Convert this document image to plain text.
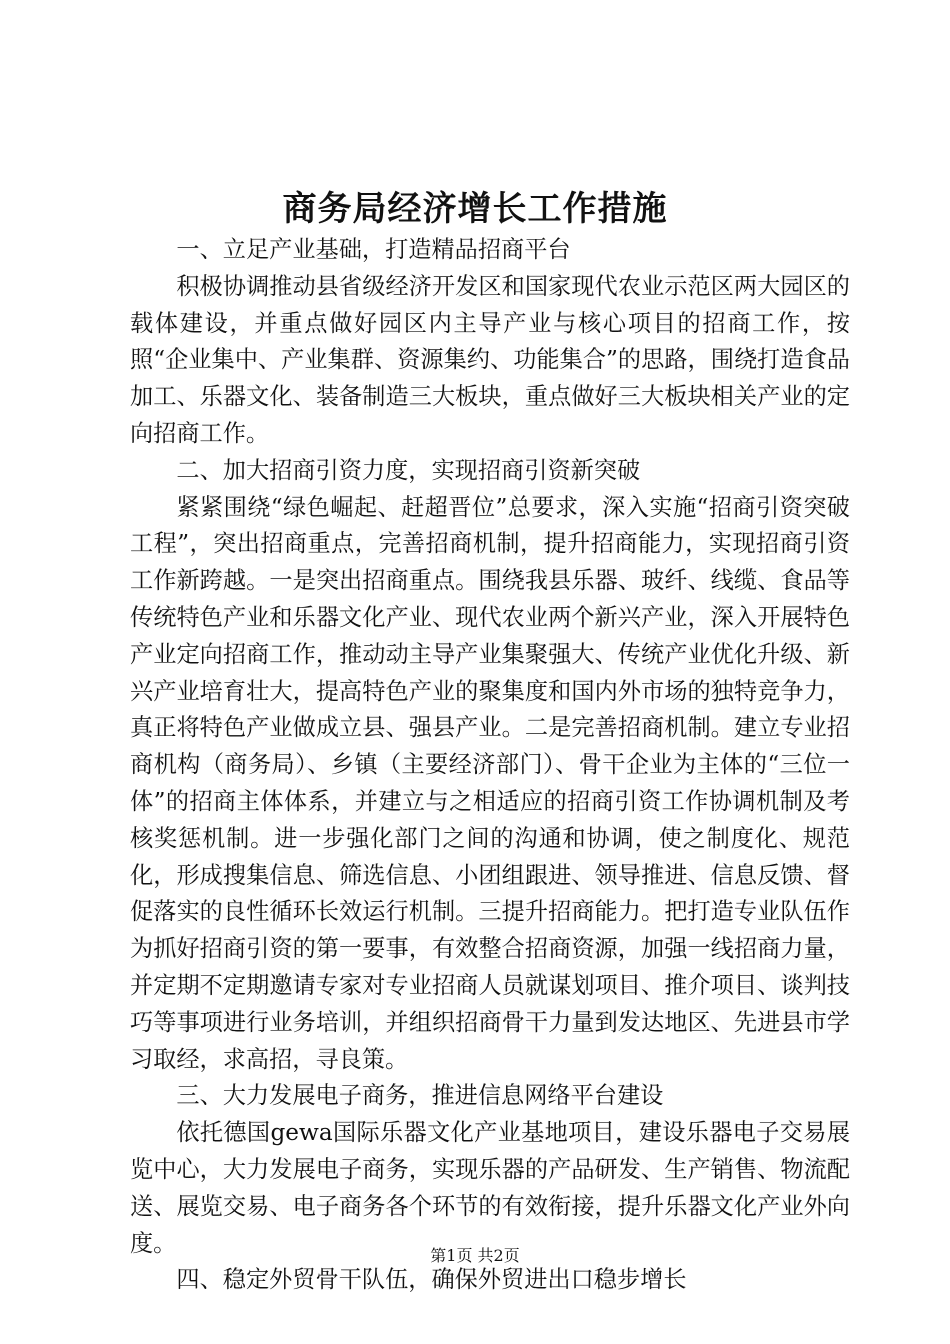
商务局经济增长工作措施

一、立足产业基础，打造精品招商平台

积极协调推动县省级经济开发区和国家现代农业示范区两大园区的载体建设，并重点做好园区内主导产业与核心项目的招商工作，按照“企业集中、产业集群、资源集约、功能集合”的思路，围绕打造食品加工、乐器文化、装备制造三大板块，重点做好三大板块相关产业的定向招商工作。

二、加大招商引资力度，实现招商引资新突破

紧紧围绕“绿色崛起、赶超晋位”总要求，深入实施“招商引资突破工程”，突出招商重点，完善招商机制，提升招商能力，实现招商引资工作新跨越。一是突出招商重点。围绕我县乐器、玻纤、线缆、食品等传统特色产业和乐器文化产业、现代农业两个新兴产业，深入开展特色产业定向招商工作，推动动主导产业集聚强大、传统产业优化升级、新兴产业培育壮大，提高特色产业的聚集度和国内外市场的独特竞争力，真正将特色产业做成立县、强县产业。二是完善招商机制。建立专业招商机构（商务局）、乡镇（主要经济部门）、骨干企业为主体的“三位一体”的招商主体体系，并建立与之相适应的招商引资工作协调机制及考核奖惩机制。进一步强化部门之间的沟通和协调，使之制度化、规范化，形成搜集信息、筛选信息、小团组跟进、领导推进、信息反馈、督促落实的良性循环长效运行机制。三提升招商能力。把打造专业队伍作为抓好招商引资的第一要事，有效整合招商资源，加强一线招商力量，并定期不定期邀请专家对专业招商人员就谋划项目、推介项目、谈判技巧等事项进行业务培训，并组织招商骨干力量到发达地区、先进县市学习取经，求高招，寻良策。

三、大力发展电子商务，推进信息网络平台建设

依托德国gewa国际乐器文化产业基地项目，建设乐器电子交易展览中心，大力发展电子商务，实现乐器的产品研发、生产销售、物流配送、展览交易、电子商务各个环节的有效衔接，提升乐器文化产业外向度。

四、稳定外贸骨干队伍，确保外贸进出口稳步增长

第1页 共2页
